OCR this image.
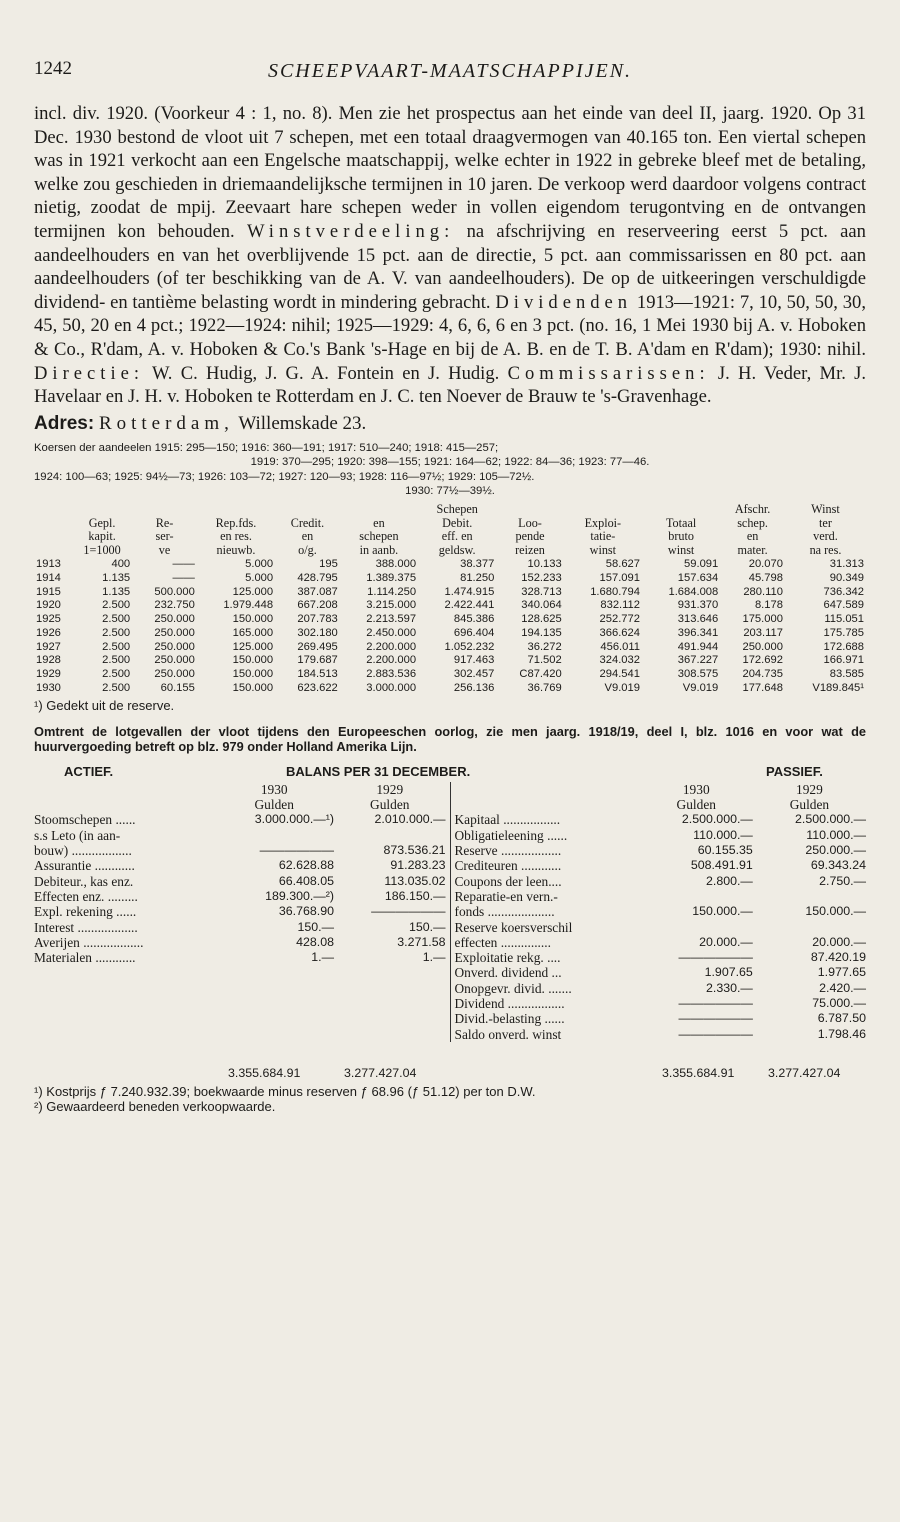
1242	SCHEEPVAART-MAATSCHAPPIJEN.

incl. div. 1920. (Voorkeur 4 : 1, no. 8). Men zie het prospectus aan het einde van deel II, jaarg. 1920. Op 31 Dec. 1930 bestond de vloot uit 7 schepen, met een totaal draagvermogen van 40.165 ton. Een viertal schepen was in 1921 verkocht aan een Engelsche maatschappij, welke echter in 1922 in gebreke bleef met de betaling, welke zou geschieden in driemaandelijksche termijnen in 10 jaren. De verkoop werd daardoor volgens contract nietig, zoodat de mpij. Zeevaart hare schepen weder in vollen eigendom terugontving en de ontvangen termijnen kon behouden. Winstverdeeling: na afschrijving en reserveering eerst 5 pct. aan aandeelhouders en van het overblijvende 15 pct. aan de directie, 5 pct. aan commissarissen en 80 pct. aan aandeelhouders (of ter beschikking van de A. V. van aandeelhouders). De op de uitkeeringen verschuldigde dividend- en tantième belasting wordt in mindering gebracht. Dividenden 1913—1921: 7, 10, 50, 50, 30, 45, 50, 20 en 4 pct.; 1922—1924: nihil; 1925—1929: 4, 6, 6, 6 en 3 pct. (no. 16, 1 Mei 1930 bij A. v. Hoboken & Co., R'dam, A. v. Hoboken & Co.'s Bank 's-Hage en bij de A. B. en de T. B. A'dam en R'dam); 1930: nihil. Directie: W. C. Hudig, J. G. A. Fontein en J. Hudig. Commissarissen: J. H. Veder, Mr. J. Havelaar en J. H. v. Hoboken te Rotterdam en J. C. ten Noever de Brauw te 's-Gravenhage.

Adres: Rotterdam, Willemskade 23.

Koersen der aandeelen 1915: 295—150; 1916: 360—191; 1917: 510—240; 1918: 415—257;

1919: 370—295; 1920: 398—155; 1921: 164—62; 1922: 84—36; 1923: 77—46.

1924: 100—63; 1925: 94½—73; 1926: 103—72; 1927: 120—93; 1928: 116—97½; 1929: 105—72½.

1930: 77½—39½.

						Schepen				Afschr.	Winst
	Gepl.	Re-	Rep.fds.	Credit.	en	Debit.	Loo-	Exploi-	Totaal	schep.	ter
	kapit.	ser-	en res.	en	schepen	eff. en	pende	tatie-	bruto	en	verd.
	1=1000	ve	nieuwb.	o/g.	in aanb.	geldsw.	reizen	winst	winst	mater.	na res.
1913	400	——	5.000	195	388.000	38.377	10.133	58.627	59.091	20.070	31.313
1914	1.135	——	5.000	428.795	1.389.375	81.250	152.233	157.091	157.634	45.798	90.349
1915	1.135	500.000	125.000	387.087	1.114.250	1.474.915	328.713	1.680.794	1.684.008	280.110	736.342
1920	2.500	232.750	1.979.448	667.208	3.215.000	2.422.441	340.064	832.112	931.370	8.178	647.589
1925	2.500	250.000	150.000	207.783	2.213.597	845.386	128.625	252.772	313.646	175.000	115.051
1926	2.500	250.000	165.000	302.180	2.450.000	696.404	194.135	366.624	396.341	203.117	175.785
1927	2.500	250.000	125.000	269.495	2.200.000	1.052.232	36.272	456.011	491.944	250.000	172.688
1928	2.500	250.000	150.000	179.687	2.200.000	917.463	71.502	324.032	367.227	172.692	166.971
1929	2.500	250.000	150.000	184.513	2.883.536	302.457	C87.420	294.541	308.575	204.735	83.585
1930	2.500	60.155	150.000	623.622	3.000.000	256.136	36.769	V9.019	V9.019	177.648	V189.845¹

¹) Gedekt uit de reserve.

Omtrent de lotgevallen der vloot tijdens den Europeeschen oorlog, zie men jaarg. 1918/19, deel I, blz. 1016 en voor wat de huurvergoeding betreft op blz. 979 onder Holland Amerika Lijn.

ACTIEF.	BALANS PER 31 DECEMBER.	PASSIEF.
	1930	1929
	Gulden	Gulden
Stoomschepen ......	3.000.000.—¹)	2.010.000.—
s.s Leto (in aan-		
bouw) ..................	——————	873.536.21
Assurantie ............	62.628.88	91.283.23
Debiteur., kas enz.	66.408.05	113.035.02
Effecten enz. .........	189.300.—²)	186.150.—
Expl. rekening ......	36.768.90	——————
Interest ..................	150.—	150.—
Averijen ..................	428.08	3.271.58
Materialen ............	1.—	1.—
	1930	1929
	Gulden	Gulden
Kapitaal .................	2.500.000.—	2.500.000.—
Obligatieleening ......	110.000.—	110.000.—
Reserve ..................	60.155.35	250.000.—
Crediteuren ............	508.491.91	69.343.24
Coupons der leen....	2.800.—	2.750.—
Reparatie-en vern.-		
fonds ....................	150.000.—	150.000.—
Reserve koersverschil		
effecten ...............	20.000.—	20.000.—
Exploitatie rekg. ....	——————	87.420.19
Onverd. dividend ...	1.907.65	1.977.65
Onopgevr. divid. .......	2.330.—	2.420.—
Dividend .................	——————	75.000.—
Divid.-belasting ......	——————	6.787.50
Saldo onverd. winst	——————	1.798.46
3.355.684.91	3.277.427.04	3.355.684.91	3.277.427.04

¹) Kostprijs ƒ 7.240.932.39; boekwaarde minus reserven ƒ 68.96 (ƒ 51.12) per ton D.W.

²) Gewaardeerd beneden verkoopwaarde.
